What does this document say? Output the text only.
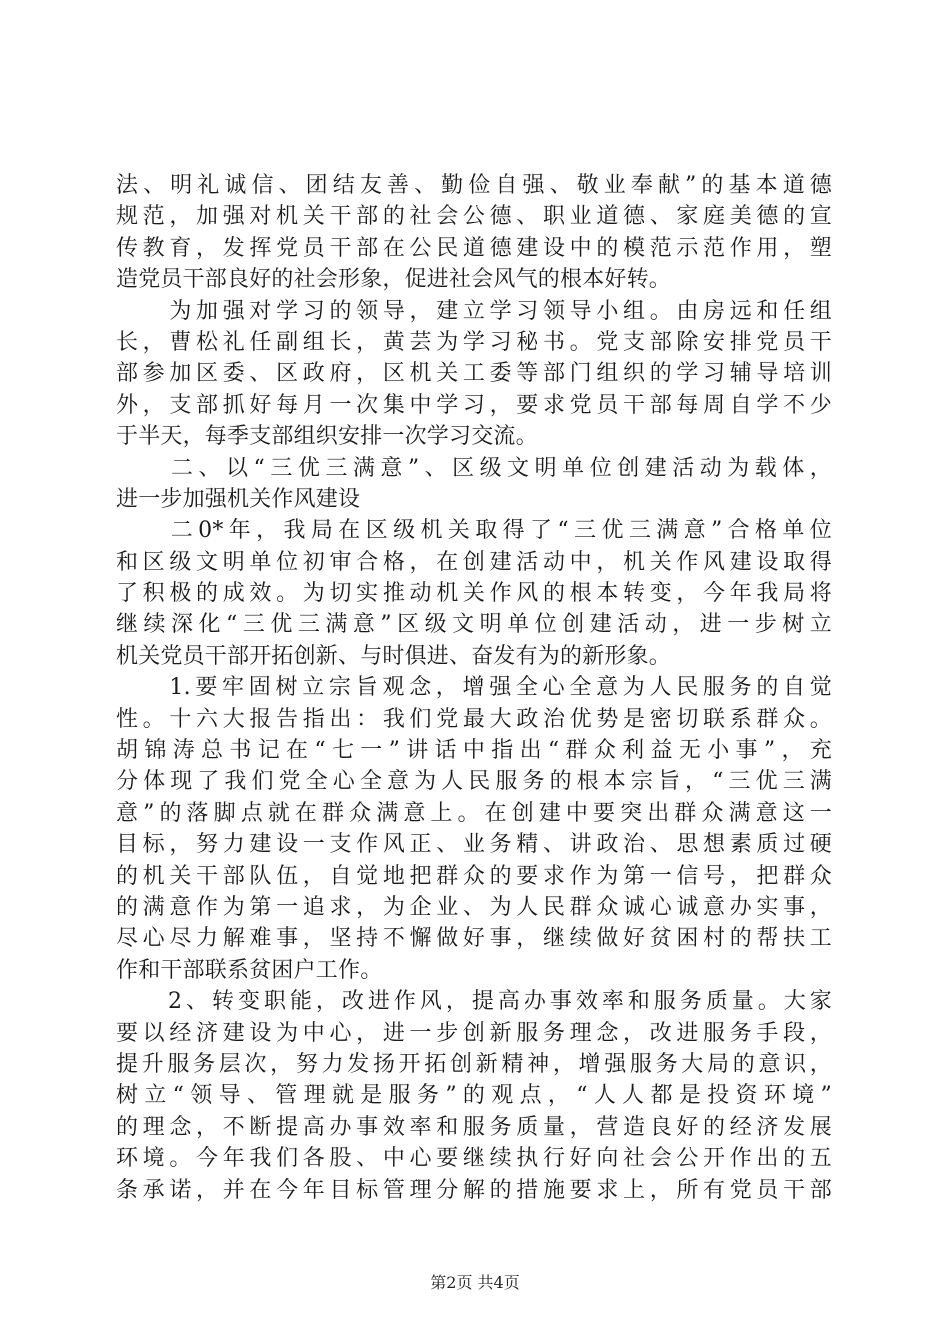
法、明礼诚信、团结友善、勤俭自强、敬业奉献”的基本道德
规范，加强对机关干部的社会公德、职业道德、家庭美德的宣
传教育，发挥党员干部在公民道德建设中的模范示范作用，塑
造党员干部良好的社会形象，促进社会风气的根本好转。
　　为加强对学习的领导，建立学习领导小组。由房远和任组
长，曹松礼任副组长，黄芸为学习秘书。党支部除安排党员干
部参加区委、区政府，区机关工委等部门组织的学习辅导培训
外，支部抓好每月一次集中学习，要求党员干部每周自学不少
于半天，每季支部组织安排一次学习交流。
　　二、以“三优三满意”、区级文明单位创建活动为载体，
进一步加强机关作风建设
　　二0*年，我局在区级机关取得了“三优三满意”合格单位
和区级文明单位初审合格，在创建活动中，机关作风建设取得
了积极的成效。为切实推动机关作风的根本转变，今年我局将
继续深化“三优三满意”区级文明单位创建活动，进一步树立
机关党员干部开拓创新、与时俱进、奋发有为的新形象。
　　1.要牢固树立宗旨观念，增强全心全意为人民服务的自觉
性。十六大报告指出：我们党最大政治优势是密切联系群众。
胡锦涛总书记在“七一”讲话中指出“群众利益无小事”，充
分体现了我们党全心全意为人民服务的根本宗旨，“三优三满
意”的落脚点就在群众满意上。在创建中要突出群众满意这一
目标，努力建设一支作风正、业务精、讲政治、思想素质过硬
的机关干部队伍，自觉地把群众的要求作为第一信号，把群众
的满意作为第一追求，为企业、为人民群众诚心诚意办实事，
尽心尽力解难事，坚持不懈做好事，继续做好贫困村的帮扶工
作和干部联系贫困户工作。
　　2、转变职能，改进作风，提高办事效率和服务质量。大家
要以经济建设为中心，进一步创新服务理念，改进服务手段，
提升服务层次，努力发扬开拓创新精神，增强服务大局的意识，
树立“领导、管理就是服务”的观点，“人人都是投资环境”
的理念，不断提高办事效率和服务质量，营造良好的经济发展
环境。今年我们各股、中心要继续执行好向社会公开作出的五
条承诺，并在今年目标管理分解的措施要求上，所有党员干部
第2页 共4页
